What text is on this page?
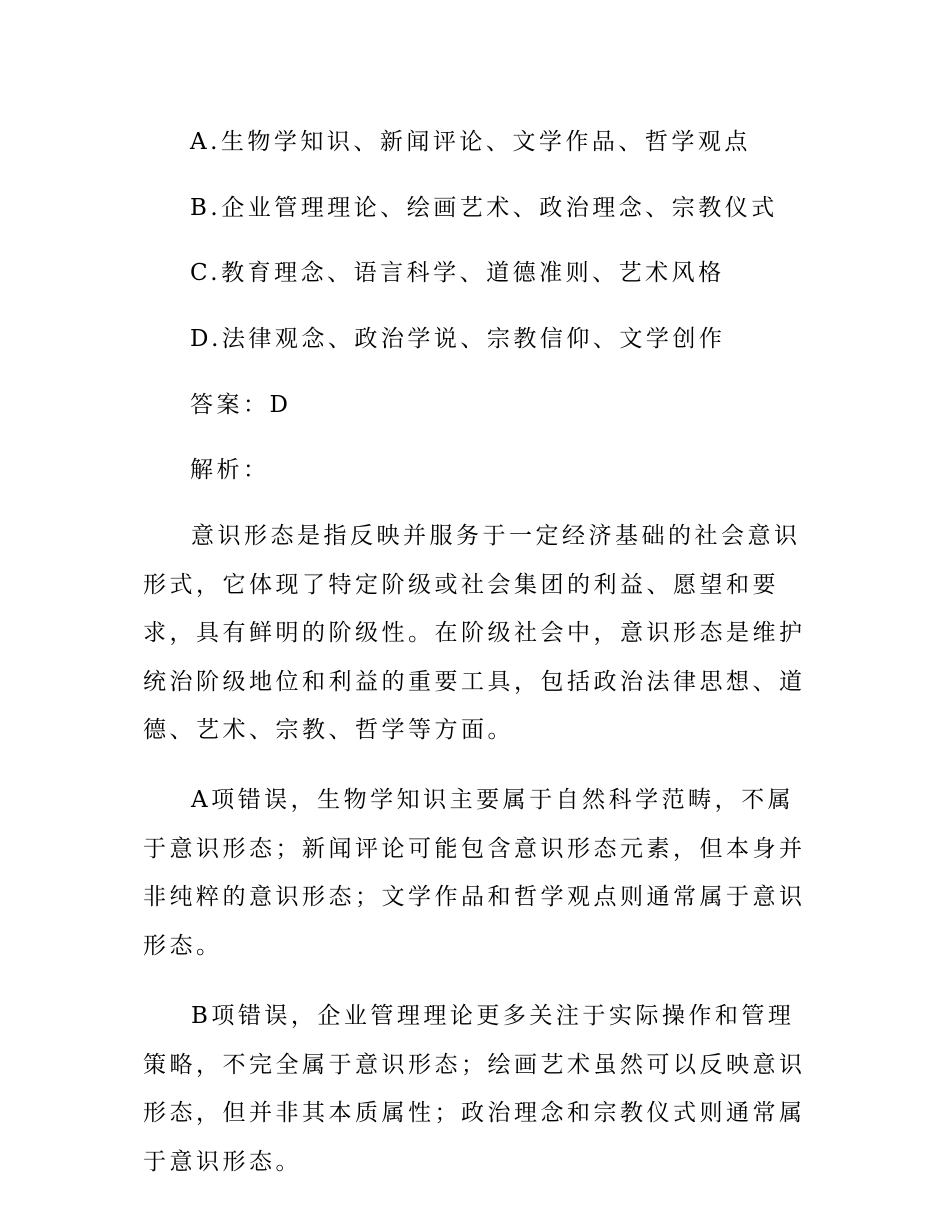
A.生物学知识、新闻评论、文学作品、哲学观点
B.企业管理理论、绘画艺术、政治理念、宗教仪式
C.教育理念、语言科学、道德准则、艺术风格
D.法律观念、政治学说、宗教信仰、文学创作
答案：D
解析：

意识形态是指反映并服务于一定经济基础的社会意识形式，它体现了特定阶级或社会集团的利益、愿望和要求，具有鲜明的阶级性。在阶级社会中，意识形态是维护统治阶级地位和利益的重要工具，包括政治法律思想、道德、艺术、宗教、哲学等方面。

A项错误，生物学知识主要属于自然科学范畴，不属于意识形态；新闻评论可能包含意识形态元素，但本身并非纯粹的意识形态；文学作品和哲学观点则通常属于意识形态。

B项错误，企业管理理论更多关注于实际操作和管理策略，不完全属于意识形态；绘画艺术虽然可以反映意识形态，但并非其本质属性；政治理念和宗教仪式则通常属于意识形态。
